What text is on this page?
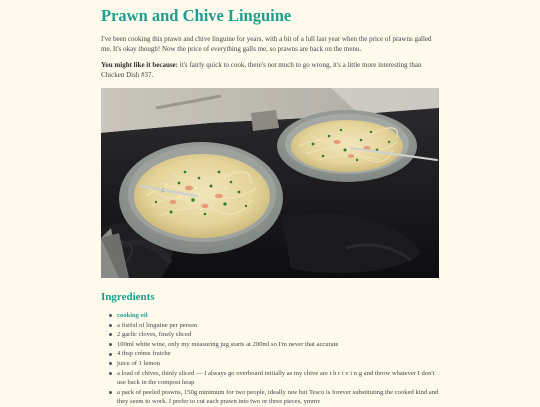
Prawn and Chive Linguine

I've been cooking this prawn and chive linguine for years, with a bit of a lull last year when the price of prawns galled me. It's okay though! Now the price of everything galls me, so prawns are back on the menu.

You might like it because: it's fairly quick to cook, there's not much to go wrong, it's a little more interesting than Chicken Dish #37.

Ingredients
cooking oil
a fistful of linguine per person
2 garlic cloves, finely sliced
100ml white wine, only my measuring jug starts at 200ml so I'm never that accurate
4 tbsp crème fraiche
juice of 1 lemon
a load of chives, thinly sliced — I always go overboard initially as my chive are t h r i v i n g and throw whatever I don't use back in the compost heap
a pack of peeled prawns, 150g minimum for two people, ideally raw but Tesco is forever substituting the cooked kind and they seem to work. I prefer to cut each prawn into two or three pieces, ymmv
